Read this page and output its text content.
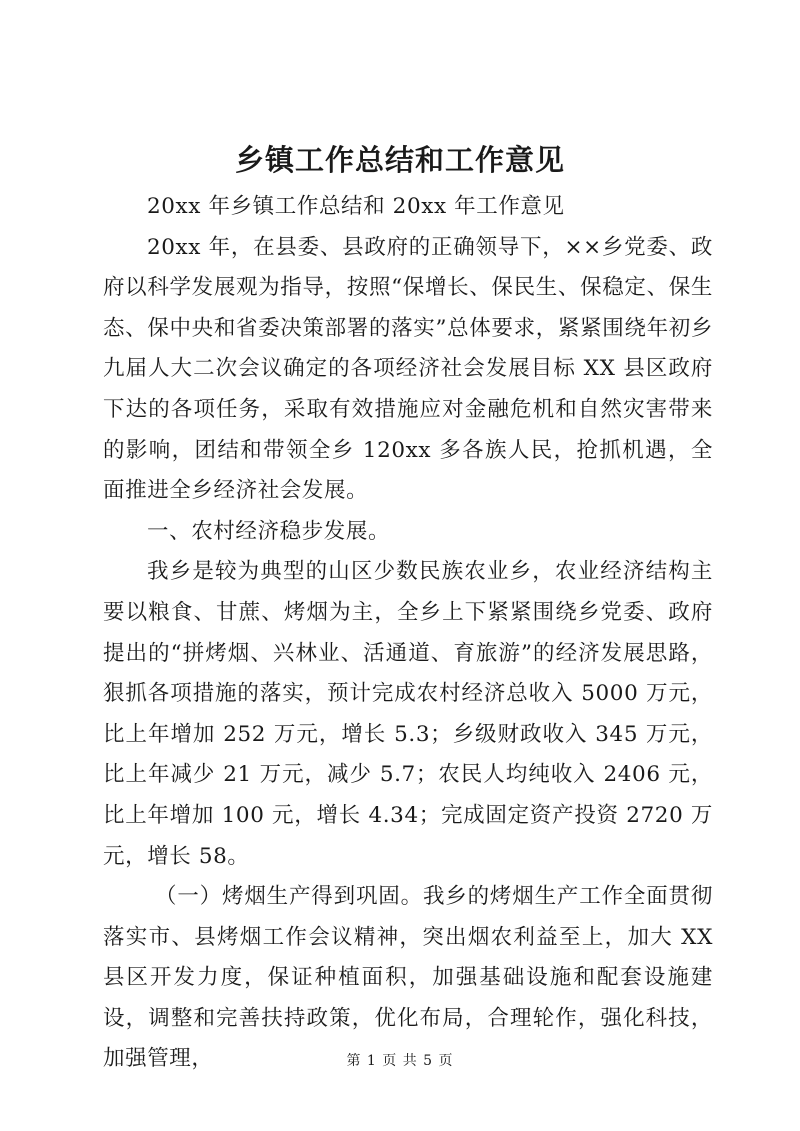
乡镇工作总结和工作意见

20xx 年乡镇工作总结和 20xx 年工作意见

20xx 年，在县委、县政府的正确领导下，××乡党委、政府以科学发展观为指导，按照“保增长、保民生、保稳定、保生态、保中央和省委决策部署的落实”总体要求，紧紧围绕年初乡九届人大二次会议确定的各项经济社会发展目标 XX 县区政府下达的各项任务，采取有效措施应对金融危机和自然灾害带来的影响，团结和带领全乡 120xx 多各族人民，抢抓机遇，全面推进全乡经济社会发展。

一、农村经济稳步发展。

我乡是较为典型的山区少数民族农业乡，农业经济结构主要以粮食、甘蔗、烤烟为主，全乡上下紧紧围绕乡党委、政府提出的“拼烤烟、兴林业、活通道、育旅游”的经济发展思路，狠抓各项措施的落实，预计完成农村经济总收入 5000 万元，比上年增加 252 万元，增长 5.3；乡级财政收入 345 万元，比上年减少 21 万元，减少 5.7；农民人均纯收入 2406 元，比上年增加 100 元，增长 4.34；完成固定资产投资 2720 万元，增长 58。

（一）烤烟生产得到巩固。我乡的烤烟生产工作全面贯彻落实市、县烤烟工作会议精神，突出烟农利益至上，加大 XX 县区开发力度，保证种植面积，加强基础设施和配套设施建设，调整和完善扶持政策，优化布局，合理轮作，强化科技，加强管理，	第 1 页 共 5 页
